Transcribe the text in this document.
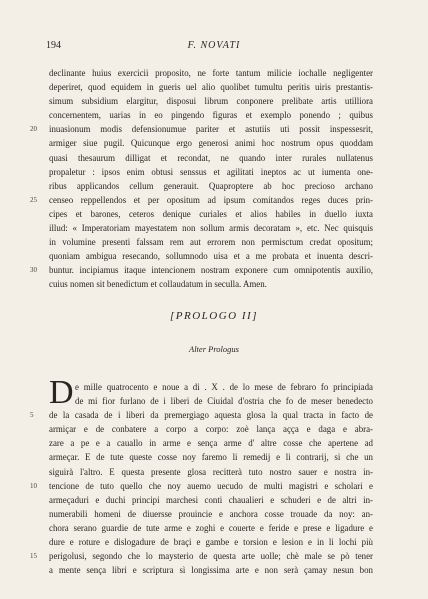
194	F. NOVATI
declinante huius exercicii proposito, ne forte tantum milicie iochalle negligenter
deperiret, quod equidem in gueris uel alio quolibet tumultu peritis uiris prestantis-
simum subsidium elargitur, disposui librum conponere prelibate artis utilliora
concernentem, uarias in eo pingendo figuras et exemplo ponendo ; quibus
20 inuasionum modis defensionumue pariter et astutiis uti possit inspessesrit,
armiger siue pugil. Quicunque ergo generosi animi hoc nostrum opus quoddam
quasi thesaurum dilligat et recondat, ne quando inter rurales nullatenus
propaletur : ipsos enim obtusi senssus et agilitati ineptos ac ut iumenta one-
ribus applicandos cellum generauit. Quaproptere ab hoc precioso archano
25 censeo reppellendos et per opositum ad ipsum comitandos reges duces prin-
cipes et barones, ceteros denique curiales et alios habiles in duello iuxta
illud: « Imperatoriam mayestatem non sollum armis decoratam », etc. Nec quisquis
in volumine presenti falssam rem aut errorem non permisctum credat opositum;
quoniam ambigua resecando, sollumnodo uisa et a me probata et inuenta descri-
30 buntur. incipiamus itaque intencionem nostram exponere cum omnipotentis auxilio,
cuius nomen sit benedictum et collaudatum in seculla. Amen.
[PROLOGO II]
Alter Prologus
D e mille quatrocento e noue a di . X . de lo mese de febraro fo principiada
de mi fior furlano de i liberi de Ciuidal d'ostria che fo de meser benedecto
5 de la casada de i liberi da premergiago aquesta glosa la qual tracta in facto de
armiçar e de conbatere a corpo a corpo: zoè lança açça e daga e abra-
zare a pe e a cauallo in arme e sença arme d' altre cosse che apertene ad
armeçar. E de tute queste cosse noy faremo li remedij e li contrarij, si che un
siguirà l'altro. E questa presente glosa recitterà tuto nostro sauer e nostra in-
10 tencione de tuto quello che noy auemo uecudo de multi magistri e scholari e
armeçaduri e duchi principi marchesi conti chaualieri e schuderi e de altri in-
numerabili homeni de diuersse prouincie e anchora cosse trouade da noy: an-
chora serano guardie de tute arme e zoghi e couerte e feride e prese e ligadure e
dure e roture e dislogadure de braçi e gambe e torsion e lesion e in li lochi più
15 perigolusi, segondo che lo maysterio de questa arte uolle; chè male se pò tener
a mente sença libri e scriptura sì longissima arte e non serà çamay nesun bon
